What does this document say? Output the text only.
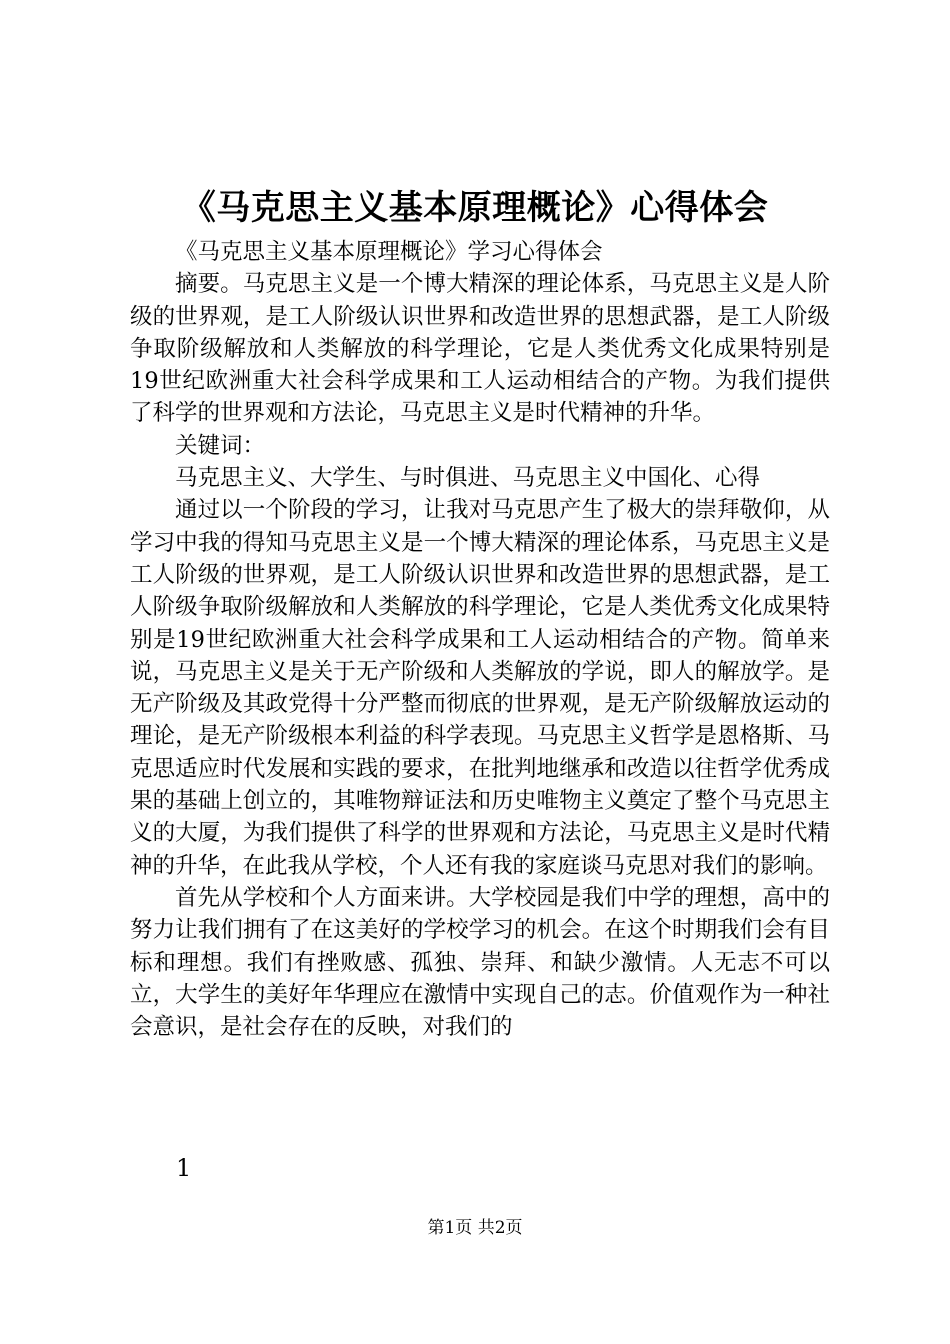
《马克思主义基本原理概论》心得体会

《马克思主义基本原理概论》学习心得体会

摘要。马克思主义是一个博大精深的理论体系，马克思主义是人阶级的世界观，是工人阶级认识世界和改造世界的思想武器，是工人阶级争取阶级解放和人类解放的科学理论，它是人类优秀文化成果特别是19世纪欧洲重大社会科学成果和工人运动相结合的产物。为我们提供了科学的世界观和方法论，马克思主义是时代精神的升华。

关键词：

马克思主义、大学生、与时俱进、马克思主义中国化、心得

通过以一个阶段的学习，让我对马克思产生了极大的崇拜敬仰，从学习中我的得知马克思主义是一个博大精深的理论体系，马克思主义是工人阶级的世界观，是工人阶级认识世界和改造世界的思想武器，是工人阶级争取阶级解放和人类解放的科学理论，它是人类优秀文化成果特别是19世纪欧洲重大社会科学成果和工人运动相结合的产物。简单来说，马克思主义是关于无产阶级和人类解放的学说，即人的解放学。是无产阶级及其政党得十分严整而彻底的世界观，是无产阶级解放运动的理论，是无产阶级根本利益的科学表现。马克思主义哲学是恩格斯、马克思适应时代发展和实践的要求，在批判地继承和改造以往哲学优秀成果的基础上创立的，其唯物辩证法和历史唯物主义奠定了整个马克思主义的大厦，为我们提供了科学的世界观和方法论，马克思主义是时代精神的升华，在此我从学校，个人还有我的家庭谈马克思对我们的影响。

首先从学校和个人方面来讲。大学校园是我们中学的理想，高中的努力让我们拥有了在这美好的学校学习的机会。在这个时期我们会有目标和理想。我们有挫败感、孤独、崇拜、和缺少激情。人无志不可以立，大学生的美好年华理应在激情中实现自己的志。价值观作为一种社会意识，是社会存在的反映，对我们的

1
第1页 共2页
